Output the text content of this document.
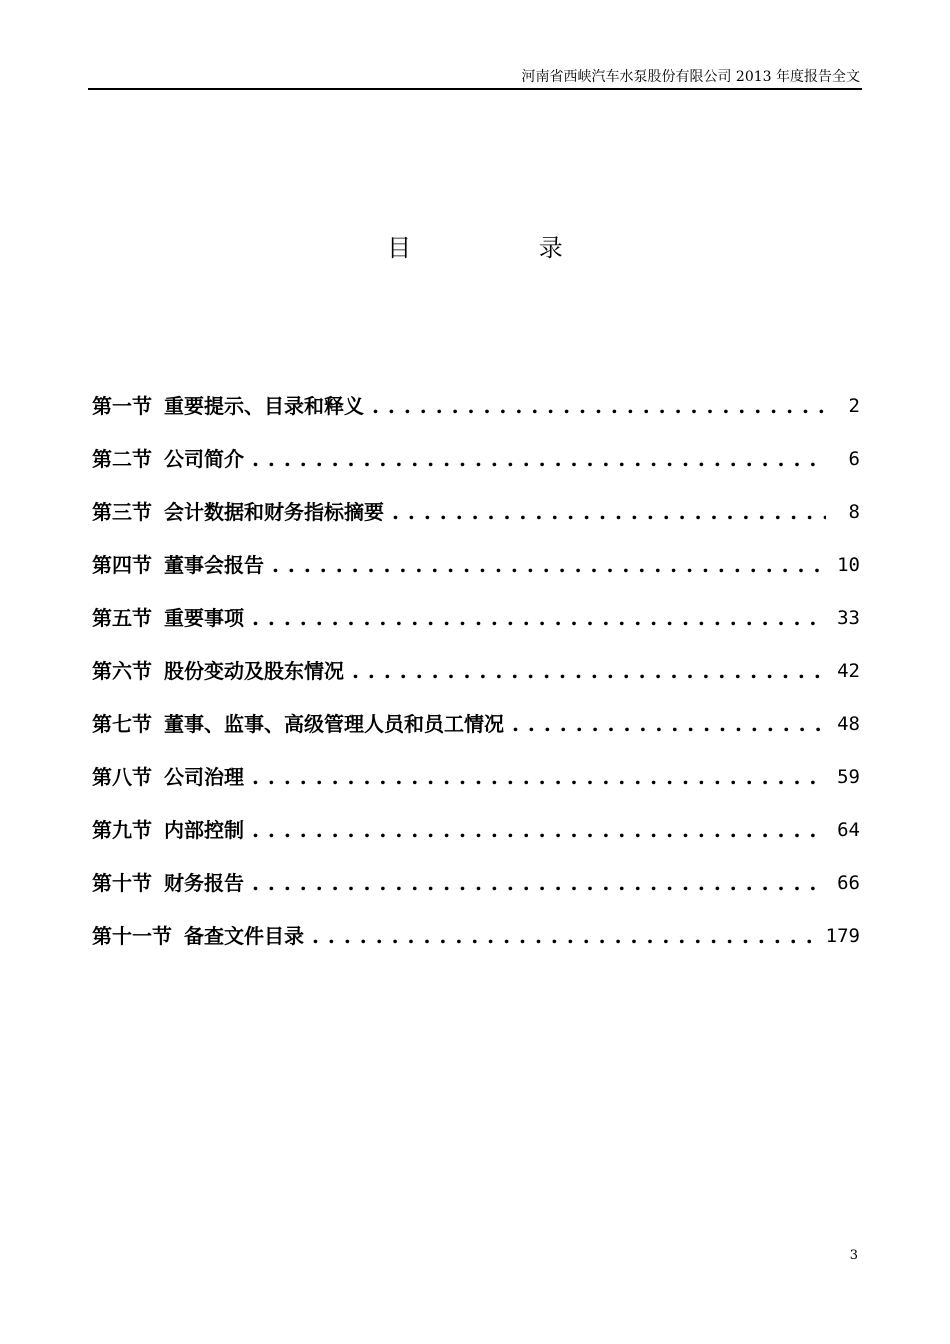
河南省西峡汽车水泵股份有限公司 2013 年度报告全文
目 录
第一节 重要提示、目录和释义 . . .	2
第二节 公司简介 . . .	6
第三节 会计数据和财务指标摘要 . . .	8
第四节 董事会报告 . . .	10
第五节 重要事项 . . .	33
第六节 股份变动及股东情况 . . .	42
第七节 董事、监事、高级管理人员和员工情况 . . .	48
第八节 公司治理 . . .	59
第九节 内部控制 . . .	64
第十节 财务报告 . . .	66
第十一节 备查文件目录 . . .	179
3
